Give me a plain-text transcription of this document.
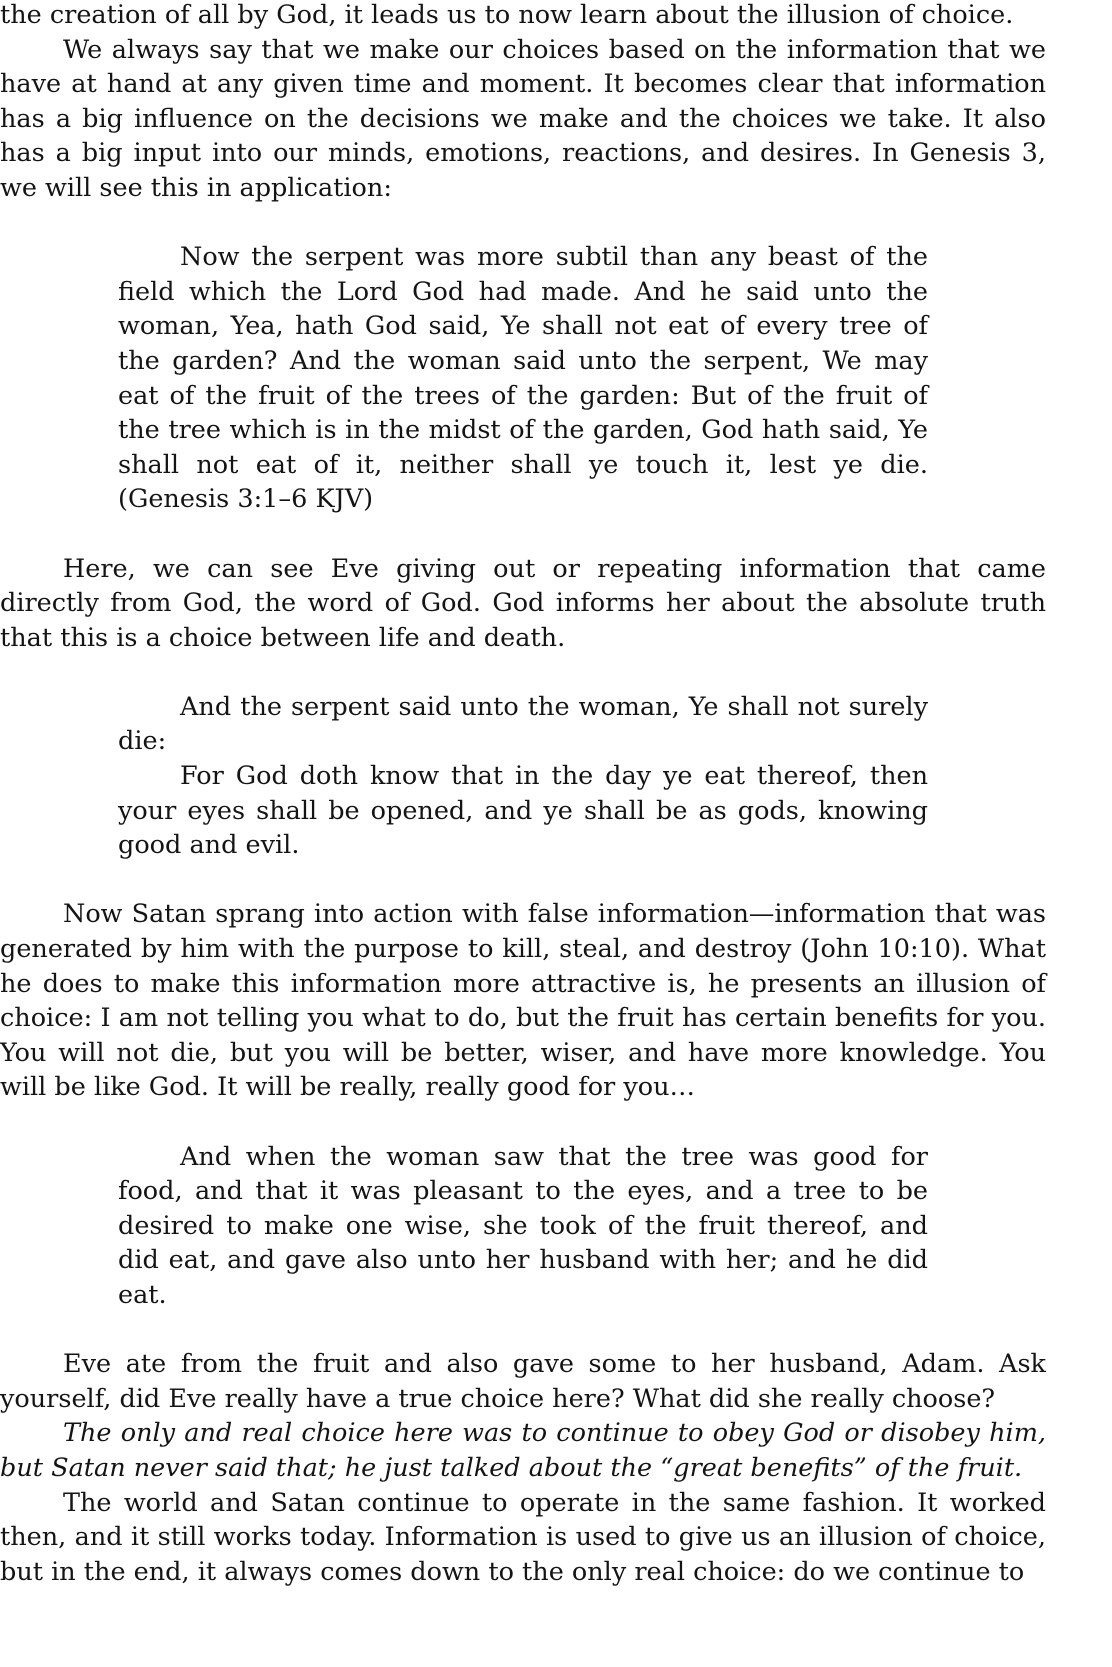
the creation of all by God, it leads us to now learn about the illusion of choice.

We always say that we make our choices based on the information that we have at hand at any given time and moment. It becomes clear that information has a big influence on the decisions we make and the choices we take. It also has a big input into our minds, emotions, reactions, and desires. In Genesis 3, we will see this in application:

Now the serpent was more subtil than any beast of the field which the Lord God had made. And he said unto the woman, Yea, hath God said, Ye shall not eat of every tree of the garden? And the woman said unto the serpent, We may eat of the fruit of the trees of the garden: But of the fruit of the tree which is in the midst of the garden, God hath said, Ye shall not eat of it, neither shall ye touch it, lest ye die. (Genesis 3:1–6 KJV)

Here, we can see Eve giving out or repeating information that came directly from God, the word of God. God informs her about the absolute truth that this is a choice between life and death.

And the serpent said unto the woman, Ye shall not surely die:

For God doth know that in the day ye eat thereof, then your eyes shall be opened, and ye shall be as gods, knowing good and evil.

Now Satan sprang into action with false information—information that was generated by him with the purpose to kill, steal, and destroy (John 10:10). What he does to make this information more attractive is, he presents an illusion of choice: I am not telling you what to do, but the fruit has certain benefits for you. You will not die, but you will be better, wiser, and have more knowledge. You will be like God. It will be really, really good for you…

And when the woman saw that the tree was good for food, and that it was pleasant to the eyes, and a tree to be desired to make one wise, she took of the fruit thereof, and did eat, and gave also unto her husband with her; and he did eat.

Eve ate from the fruit and also gave some to her husband, Adam. Ask yourself, did Eve really have a true choice here? What did she really choose?

The only and real choice here was to continue to obey God or disobey him, but Satan never said that; he just talked about the “great benefits” of the fruit.

The world and Satan continue to operate in the same fashion. It worked then, and it still works today. Information is used to give us an illusion of choice, but in the end, it always comes down to the only real choice: do we continue to
